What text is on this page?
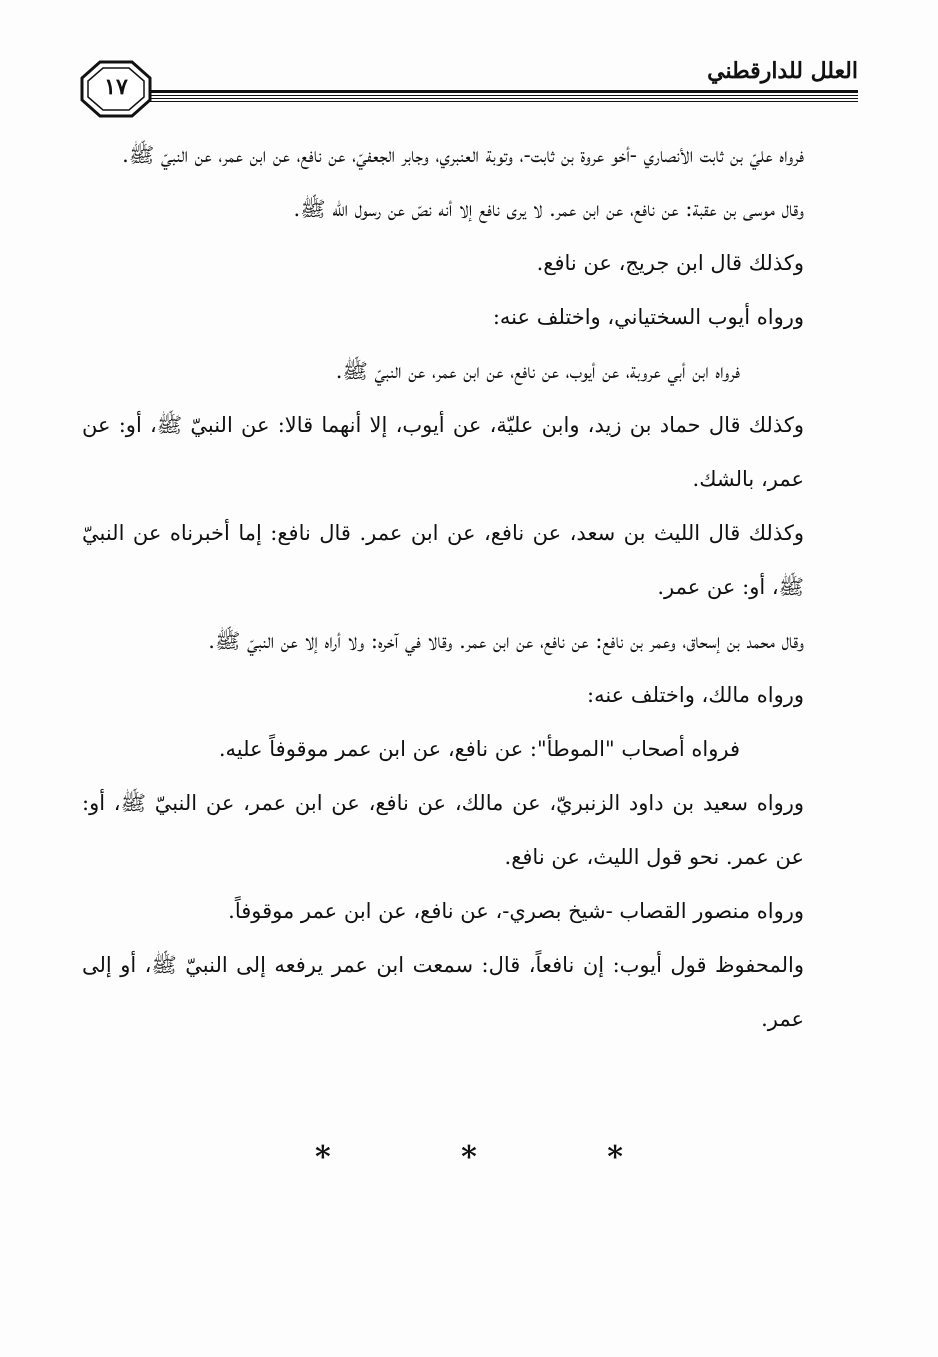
العلل للدارقطني
١٧

فرواه عليّ بن ثابت الأنصاري -أخو عروة بن ثابت-، وتوبة العنبري، وجابر الجعفيّ، عن نافع، عن ابن عمر، عن النبيّ ﷺ.

وقال موسى بن عقبة: عن نافع، عن ابن عمر. لا يرى نافع إلا أنه نصّ عن رسول الله ﷺ.

وكذلك قال ابن جريج، عن نافع.

ورواه أيوب السختياني، واختلف عنه:

فرواه ابن أبي عروبة، عن أيوب، عن نافع، عن ابن عمر، عن النبيّ ﷺ.

وكذلك قال حماد بن زيد، وابن عليّة، عن أيوب، إلا أنهما قالا: عن النبيّ ﷺ، أو: عن عمر، بالشك.

وكذلك قال الليث بن سعد، عن نافع، عن ابن عمر. قال نافع: إما أخبرناه عن النبيّ ﷺ، أو: عن عمر.

وقال محمد بن إسحاق، وعمر بن نافع: عن نافع، عن ابن عمر. وقالا في آخره: ولا أراه إلا عن النبيّ ﷺ.

ورواه مالك، واختلف عنه:

فرواه أصحاب "الموطأ": عن نافع، عن ابن عمر موقوفاً عليه.

ورواه سعيد بن داود الزنبريّ، عن مالك، عن نافع، عن ابن عمر، عن النبيّ ﷺ، أو: عن عمر. نحو قول الليث، عن نافع.

ورواه منصور القصاب -شيخ بصري-، عن نافع، عن ابن عمر موقوفاً.

والمحفوظ قول أيوب: إن نافعاً، قال: سمعت ابن عمر يرفعه إلى النبيّ ﷺ، أو إلى عمر.

* * *
